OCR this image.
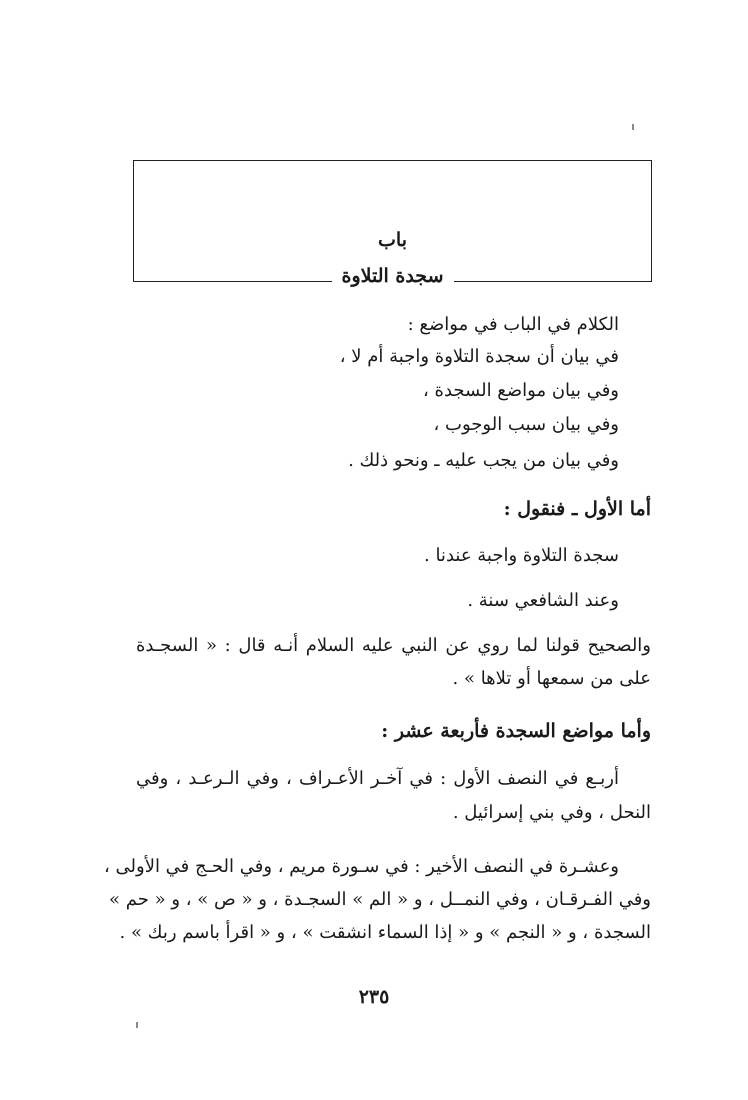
باب
سجدة التلاوة
الكلام في الباب في مواضع :
في بيان أن سجدة التلاوة واجبة أم لا ،
وفي بيان مواضع السجدة ،
وفي بيان سبب الوجوب ،
وفي بيان من يجب عليه ـ ونحو ذلك .
أما الأول ـ فنقول :
سجدة التلاوة واجبة عندنا .
وعند الشافعي سنة .
والصحيح قولنا لما روي عن النبي عليه السلام أنـه قال : « السجـدة
على من سمعها أو تلاها » .
وأما مواضع السجدة فأربعة عشر :
أربـع في النصف الأول : في آخـر الأعـراف ، وفي الـرعـد ، وفي
النحل ، وفي بني إسرائيل .
وعشـرة في النصف الأخير : في سـورة مريم ، وفي الحـج في الأولى ،
وفي الفـرقـان ، وفي النمــل ، و « الم » السجـدة ، و « ص » ، و « حم »
السجدة ، و « النجم » و « إذا السماء انشقت » ، و « اقرأ باسم ربك » .
٢٣٥
